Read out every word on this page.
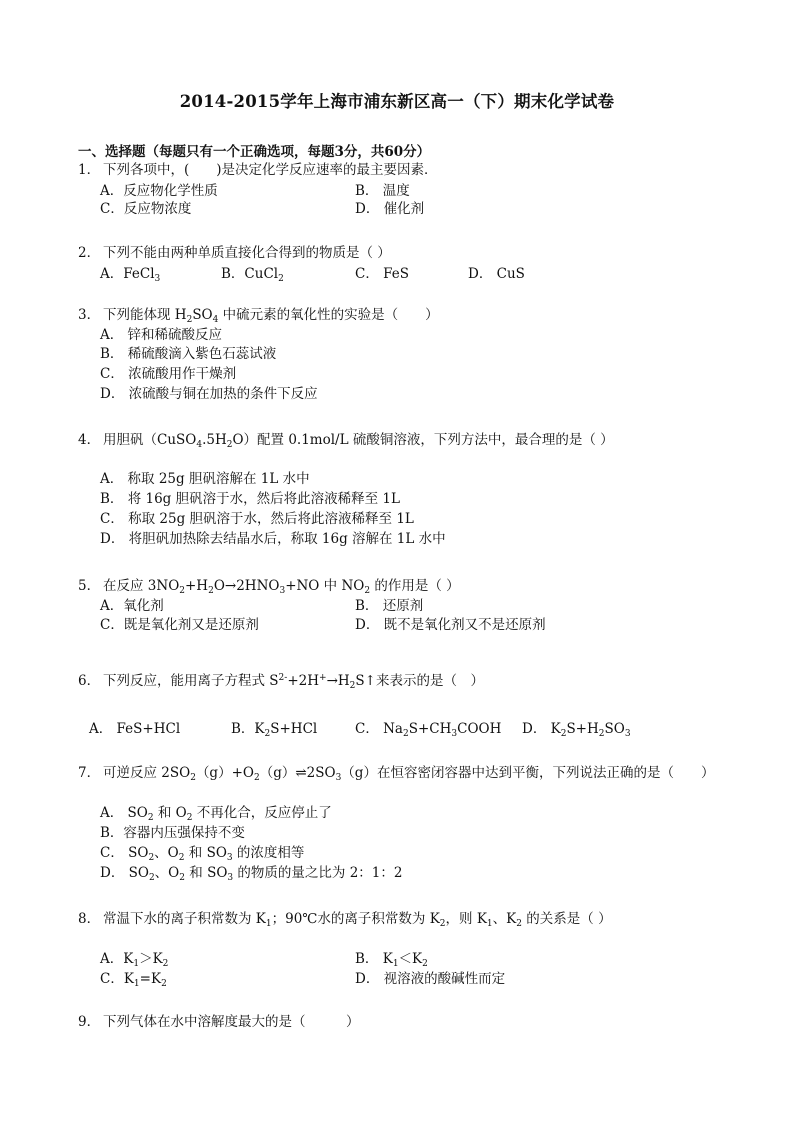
2014-2015学年上海市浦东新区高一（下）期末化学试卷
一、选择题（每题只有一个正确选项，每题3分，共60分）
1． 下列各项中，(　　)是决定化学反应速率的最主要因素．
A．反应物化学性质	B． 温度
C．反应物浓度	D． 催化剂
2． 下列不能由两种单质直接化合得到的物质是（ ）
A．FeCl$_3$	B．CuCl$_2$	C． FeS	D． CuS
3． 下列能体现 $H_2SO_4$ 中硫元素的氧化性的实验是（　　）
A． 锌和稀硫酸反应
B． 稀硫酸滴入紫色石蕊试液
C． 浓硫酸用作干燥剂
D． 浓硫酸与铜在加热的条件下反应
4． 用胆矾$(CuSO_4.5H_2O)$配置 0.1mol/L 硫酸铜溶液，下列方法中，最合理的是（ ）
A． 称取 25g 胆矾溶解在 1L 水中
B． 将 16g 胆矾溶于水，然后将此溶液稀释至 1L
C． 称取 25g 胆矾溶于水，然后将此溶液稀释至 1L
D． 将胆矾加热除去结晶水后，称取 16g 溶解在 1L 水中
5． 在反应 $3NO_2+H_2O\to 2HNO_3+NO$ 中 $NO_2$ 的作用是（ ）
A．氧化剂	B． 还原剂
C．既是氧化剂又是还原剂	D． 既不是氧化剂又不是还原剂
6． 下列反应，能用离子方程式 $S^{2-}+2H^+\to H_2S↑$来表示的是（　）
A． FeS+HCl	B．$K_2S+HCl$	C． $Na_2S+CH_3COOH$ D． $K_2S+H_2SO_3$
7． 可逆反应 $2SO_2(g)+O_2(g)\rightleftharpoons 2SO_3(g)$在恒容密闭容器中达到平衡，下列说法正确的是（　　）
A． $SO_2$ 和 $O_2$ 不再化合，反应停止了
B．容器内压强保持不变
C． $SO_2$、$O_2$ 和 $SO_3$ 的浓度相等
D． $SO_2$、$O_2$ 和 $SO_3$ 的物质的量之比为 2：1：2
8． 常温下水的离子积常数为 $K_1$；90℃水的离子积常数为 $K_2$，则 $K_1$、$K_2$ 的关系是（ ）
A．$K_1>K_2$	B． $K_1<K_2$
C．$K_1=K_2$	D． 视溶液的酸碱性而定
9． 下列气体在水中溶解度最大的是（　　　）
